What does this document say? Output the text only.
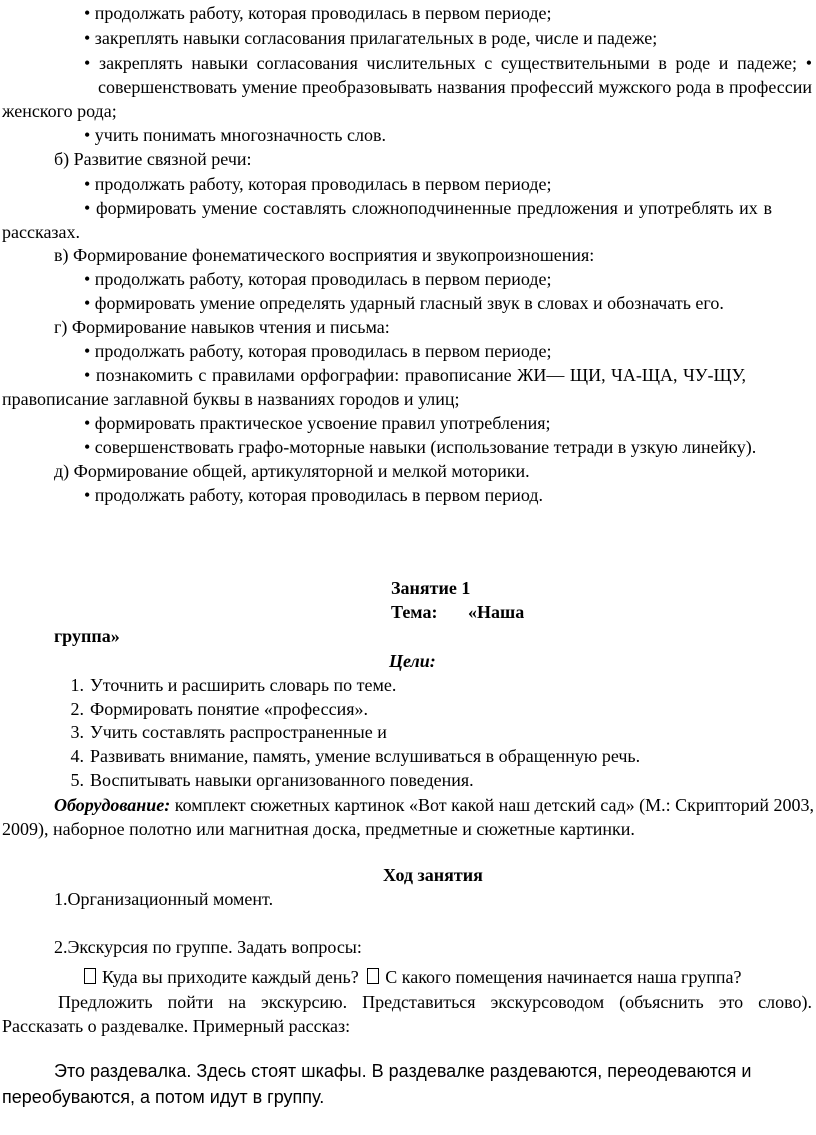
• продолжать работу, которая проводилась в первом периоде;
• закреплять навыки согласования прилагательных в роде, числе и падеже;
• закреплять навыки согласования числительных с существительными в роде и падеже; •
совершенствовать умение преобразовывать названия профессий мужского рода в профессии
женского рода;
• учить понимать многозначность слов.
б) Развитие связной речи:
• продолжать работу, которая проводилась в первом периоде;
• формировать умение составлять сложноподчиненные предложения и употреблять их в
рассказах.
в) Формирование фонематического восприятия и звукопроизношения:
• продолжать работу, которая проводилась в первом периоде;
• формировать умение определять ударный гласный звук в словах и обозначать его.
г) Формирование навыков чтения и письма:
• продолжать работу, которая проводилась в первом периоде;
• познакомить с правилами орфографии: правописание ЖИ— ЩИ, ЧА-ЩА, ЧУ-ЩУ,
правописание заглавной буквы в названиях городов и улиц;
• формировать практическое усвоение правил употребления;
• совершенствовать графо-моторные навыки (использование тетради в узкую линейку).
д) Формирование общей, артикуляторной и мелкой моторики.
• продолжать работу, которая проводилась в первом период.
Занятие 1
Тема: «Наша
группа»
Цели:
1. Уточнить и расширить словарь по теме.
2. Формировать понятие «профессия».
3. Учить составлять распространенные и
4. Развивать внимание, память, умение вслушиваться в обращенную речь.
5. Воспитывать навыки организованного поведения.
Оборудование: комплект сюжетных картинок «Вот какой наш детский сад» (М.: Скрипторий 2003,
2009), наборное полотно или магнитная доска, предметные и сюжетные картинки.
Ход занятия
1.Организационный момент.
2.Экскурсия по группе. Задать вопросы:
Куда вы приходите каждый день? С какого помещения начинается наша группа?
Предложить пойти на экскурсию. Представиться экскурсоводом (объяснить это слово).
Рассказать о раздевалке. Примерный рассказ:
Это раздевалка. Здесь стоят шкафы. В раздевалке раздеваются, переодеваются и
переобуваются, а потом идут в группу.
